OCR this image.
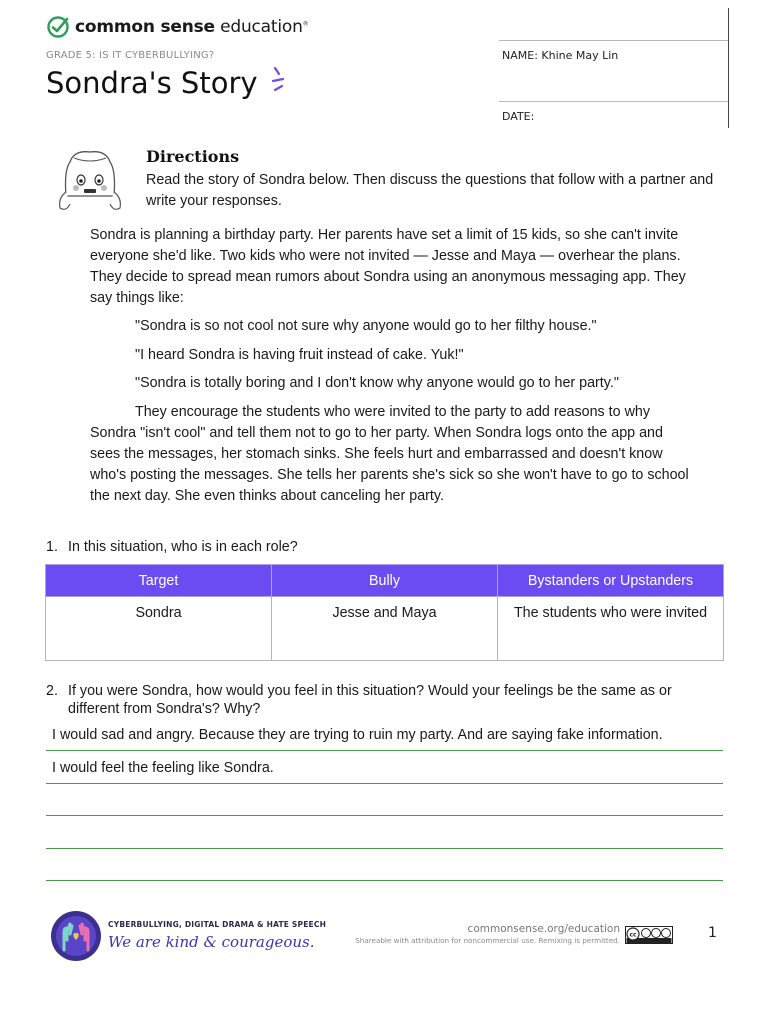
common sense education®
GRADE 5: IS IT CYBERBULLYING?
Sondra's Story
NAME: Khine May Lin
DATE:
Directions
Read the story of Sondra below. Then discuss the questions that follow with a partner and write your responses.

Sondra is planning a birthday party. Her parents have set a limit of 15 kids, so she can't invite everyone she'd like. Two kids who were not invited — Jesse and Maya — overhear the plans. They decide to spread mean rumors about Sondra using an anonymous messaging app. They say things like:

"Sondra is so not cool not sure why anyone would go to her filthy house."
"I heard Sondra is having fruit instead of cake. Yuk!"
"Sondra is totally boring and I don't know why anyone would go to her party."

They encourage the students who were invited to the party to add reasons to why Sondra "isn't cool" and tell them not to go to her party. When Sondra logs onto the app and sees the messages, her stomach sinks. She feels hurt and embarrassed and doesn't know who's posting the messages. She tells her parents she's sick so she won't have to go to school the next day. She even thinks about canceling her party.

1. In this situation, who is in each role?
Target	Bully	Bystanders or Upstanders
Sondra	Jesse and Maya	The students who were invited
2. If you were Sondra, how would you feel in this situation? Would your feelings be the same as or different from Sondra's? Why?
I would sad and angry. Because they are trying to ruin my party. And are saying fake information.
I would feel the feeling like Sondra.
CYBERBULLYING, DIGITAL DRAMA & HATE SPEECH
We are kind & courageous.
commonsense.org/education
Shareable with attribution for noncommercial use. Remixing is permitted.
cc	1
